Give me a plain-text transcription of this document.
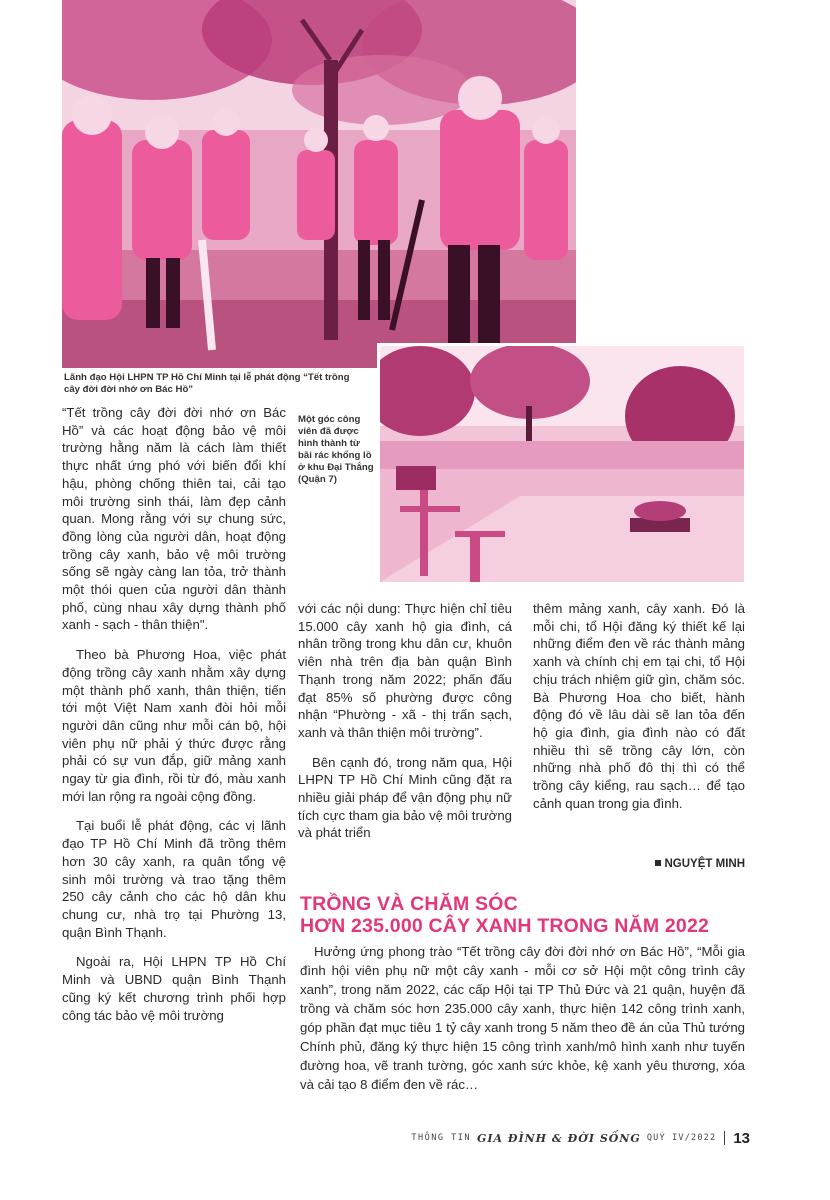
Lãnh đạo Hội LHPN TP Hồ Chí Minh tại lễ phát động “Tết trồng cây đời đời nhớ ơn Bác Hồ”
Một góc công viên đã được hình thành từ bãi rác khổng lồ ở khu Đại Thắng (Quận 7)

“Tết trồng cây đời đời nhớ ơn Bác Hồ” và các hoạt động bảo vệ môi trường hằng năm là cách làm thiết thực nhất ứng phó với biến đổi khí hậu, phòng chống thiên tai, cải tạo môi trường sinh thái, làm đẹp cảnh quan. Mong rằng với sự chung sức, đồng lòng của người dân, hoạt động trồng cây xanh, bảo vệ môi trường sống sẽ ngày càng lan tỏa, trở thành một thói quen của người dân thành phố, cùng nhau xây dựng thành phố xanh - sạch - thân thiện".

Theo bà Phương Hoa, việc phát động trồng cây xanh nhằm xây dựng một thành phố xanh, thân thiện, tiến tới một Việt Nam xanh đòi hỏi mỗi người dân cũng như mỗi cán bộ, hội viên phụ nữ phải ý thức được rằng phải có sự vun đắp, giữ mảng xanh ngay từ gia đình, rồi từ đó, màu xanh mới lan rộng ra ngoài cộng đồng.

Tại buổi lễ phát động, các vị lãnh đạo TP Hồ Chí Minh đã trồng thêm hơn 30 cây xanh, ra quân tổng vệ sinh môi trường và trao tặng thêm 250 cây cảnh cho các hộ dân khu chung cư, nhà trọ tại Phường 13, quận Bình Thạnh.

Ngoài ra, Hội LHPN TP Hồ Chí Minh và UBND quận Bình Thạnh cũng ký kết chương trình phối hợp công tác bảo vệ môi trường

với các nội dung: Thực hiện chỉ tiêu 15.000 cây xanh hộ gia đình, cá nhân trồng trong khu dân cư, khuôn viên nhà trên địa bàn quận Bình Thạnh trong năm 2022; phấn đấu đạt 85% số phường được công nhận “Phường - xã - thị trấn sạch, xanh và thân thiện môi trường”.

Bên cạnh đó, trong năm qua, Hội LHPN TP Hồ Chí Minh cũng đặt ra nhiều giải pháp để vận động phụ nữ tích cực tham gia bảo vệ môi trường và phát triển

thêm mảng xanh, cây xanh. Đó là mỗi chi, tổ Hội đăng ký thiết kế lại những điểm đen về rác thành mảng xanh và chính chị em tại chi, tổ Hội chịu trách nhiệm giữ gìn, chăm sóc. Bà Phương Hoa cho biết, hành động đó về lâu dài sẽ lan tỏa đến hộ gia đình, gia đình nào có đất nhiều thì sẽ trồng cây lớn, còn những nhà phố đô thị thì có thể trồng cây kiểng, rau sạch… để tạo cảnh quan trong gia đình.

NGUYỆT MINH
TRỒNG VÀ CHĂM SÓC
HƠN 235.000 CÂY XANH TRONG NĂM 2022

Hưởng ứng phong trào “Tết trồng cây đời đời nhớ ơn Bác Hồ”, “Mỗi gia đình hội viên phụ nữ một cây xanh - mỗi cơ sở Hội một công trình cây xanh”, trong năm 2022, các cấp Hội tại TP Thủ Đức và 21 quận, huyện đã trồng và chăm sóc hơn 235.000 cây xanh, thực hiện 142 công trình xanh, góp phần đạt mục tiêu 1 tỷ cây xanh trong 5 năm theo đề án của Thủ tướng Chính phủ, đăng ký thực hiện 15 công trình xanh/mô hình xanh như tuyến đường hoa, vẽ tranh tường, góc xanh sức khỏe, kệ xanh yêu thương, xóa và cải tạo 8 điểm đen về rác…

THÔNG TIN GIA ĐÌNH & ĐỜI SỐNG QUÝ IV/2022 13
